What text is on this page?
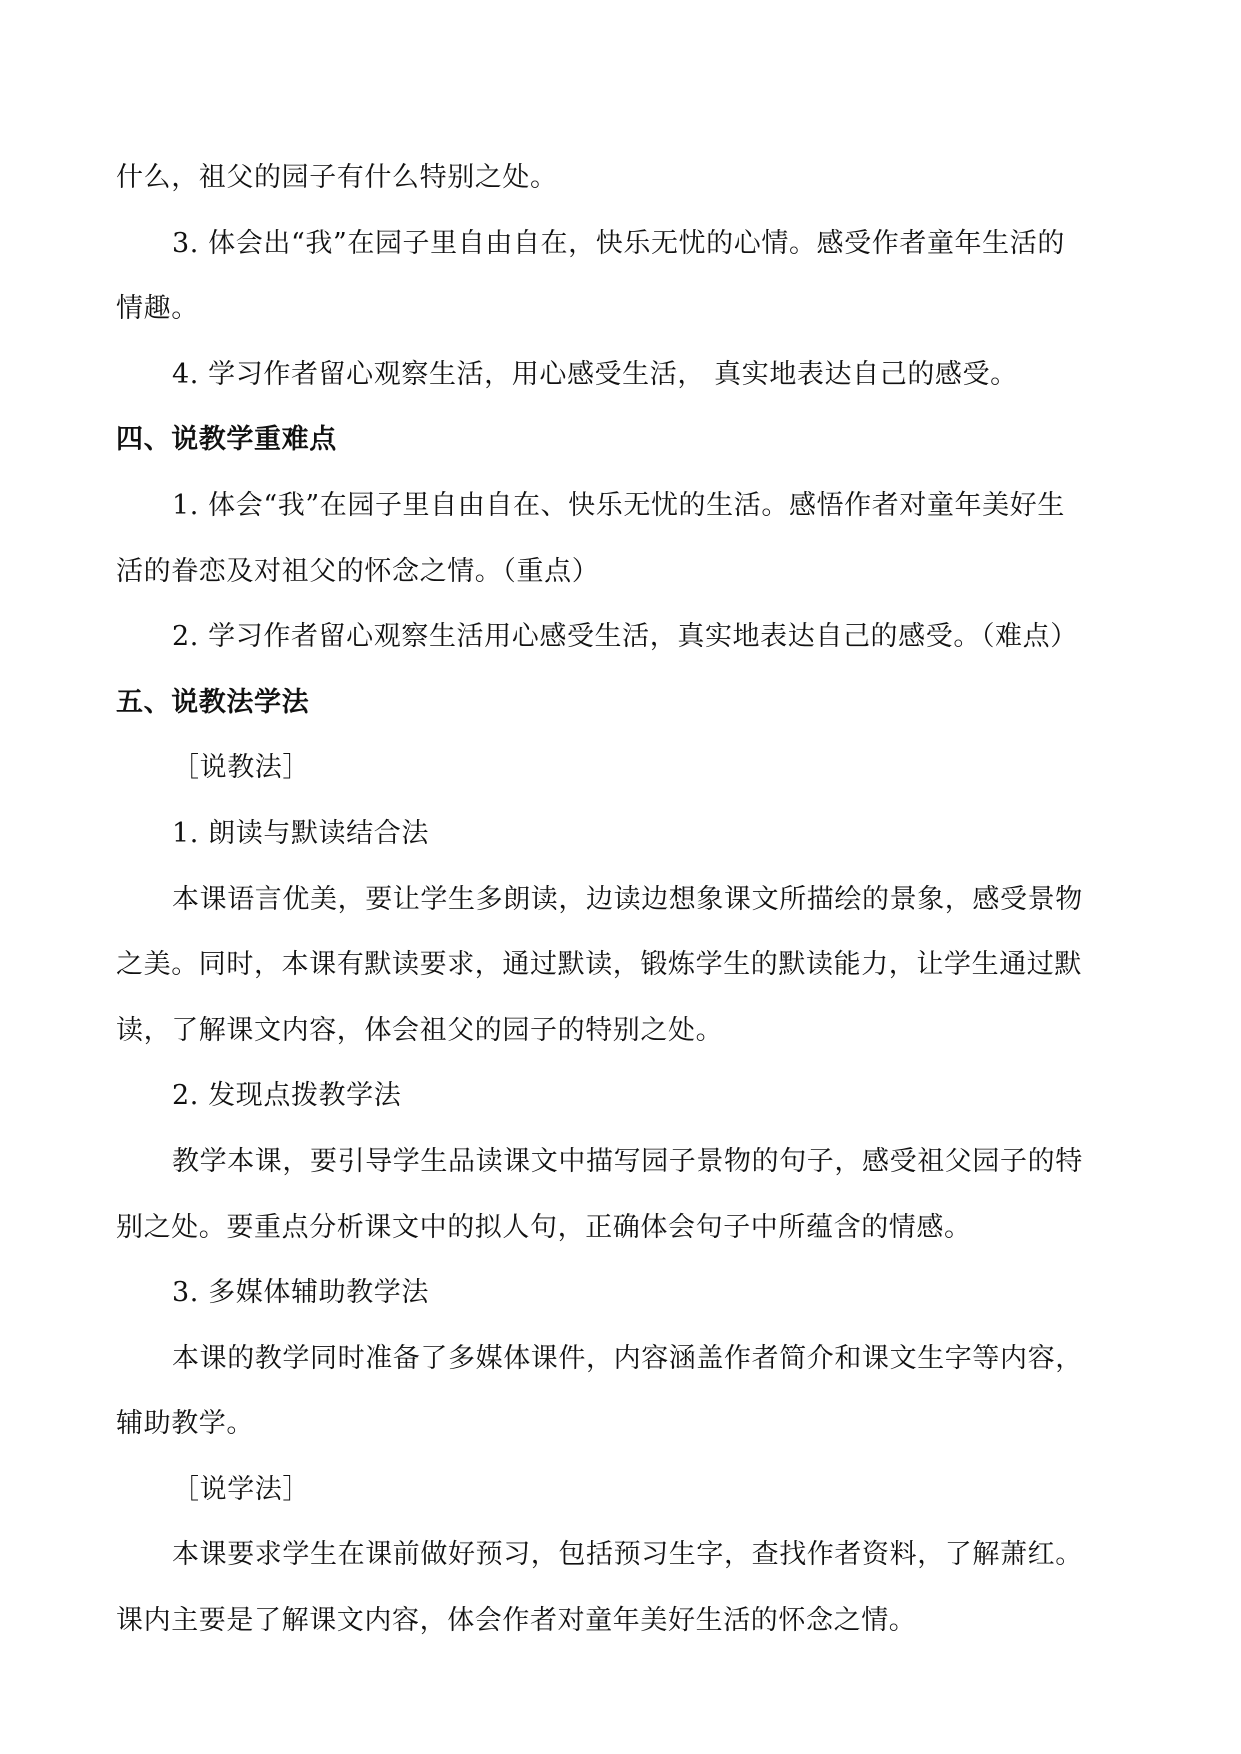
什么，祖父的园子有什么特别之处。
3. 体会出“我”在园子里自由自在，快乐无忧的心情。感受作者童年生活的
情趣。
4. 学习作者留心观察生活，用心感受生活， 真实地表达自己的感受。
四、说教学重难点
1. 体会“我”在园子里自由自在、快乐无忧的生活。感悟作者对童年美好生
活的眷恋及对祖父的怀念之情。（重点）
2. 学习作者留心观察生活用心感受生活，真实地表达自己的感受。（难点）
五、说教法学法
［说教法］
1. 朗读与默读结合法
本课语言优美，要让学生多朗读，边读边想象课文所描绘的景象，感受景物
之美。同时，本课有默读要求，通过默读，锻炼学生的默读能力，让学生通过默
读，了解课文内容，体会祖父的园子的特别之处。
2. 发现点拨教学法
教学本课，要引导学生品读课文中描写园子景物的句子，感受祖父园子的特
别之处。要重点分析课文中的拟人句，正确体会句子中所蕴含的情感。
3. 多媒体辅助教学法
本课的教学同时准备了多媒体课件，内容涵盖作者简介和课文生字等内容，
辅助教学。
［说学法］
本课要求学生在课前做好预习，包括预习生字，查找作者资料，了解萧红。
课内主要是了解课文内容，体会作者对童年美好生活的怀念之情。
